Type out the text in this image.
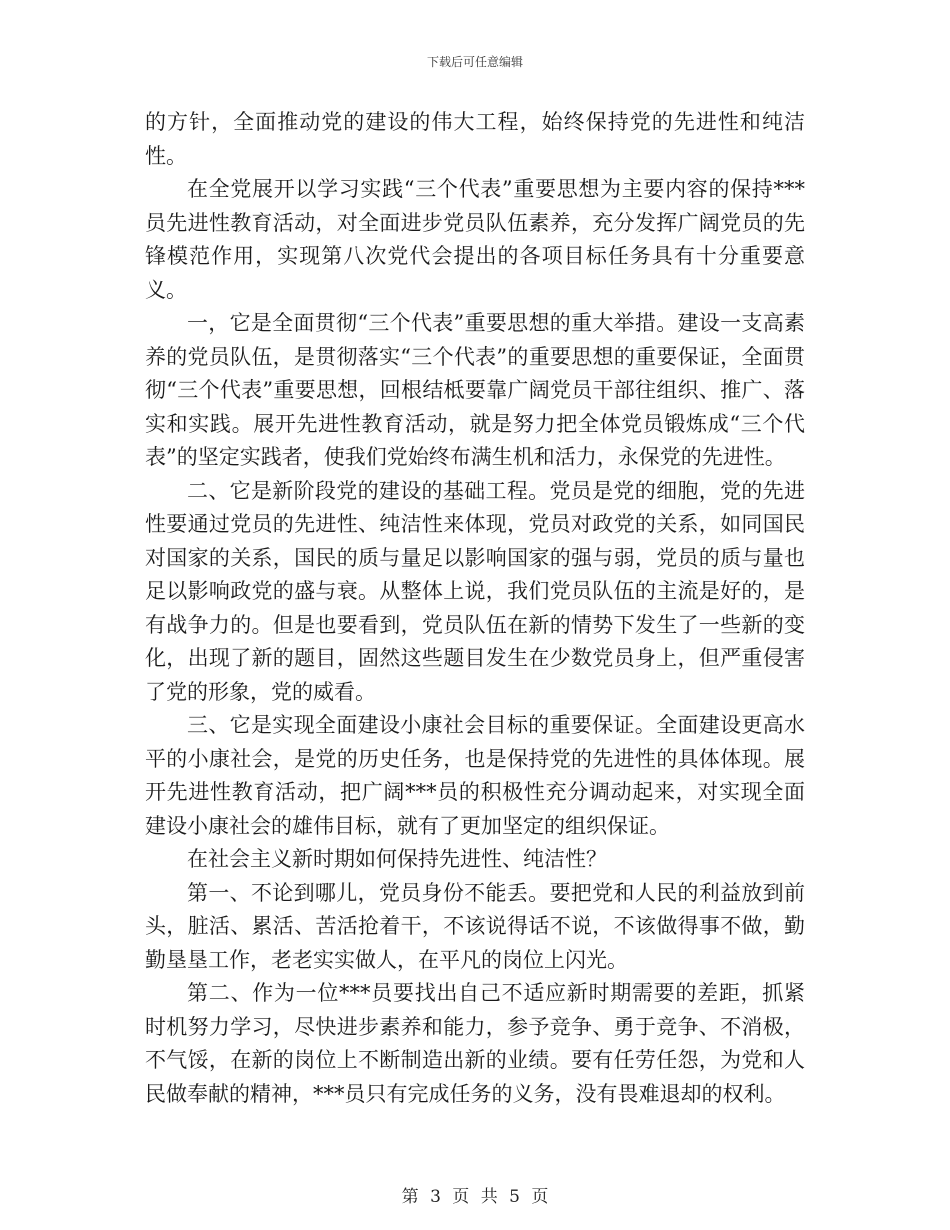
下载后可任意编辑

的方针，全面推动党的建设的伟大工程，始终保持党的先进性和纯洁性。

在全党展开以学习实践“三个代表”重要思想为主要内容的保持***员先进性教育活动，对全面进步党员队伍素养，充分发挥广阔党员的先锋模范作用，实现第八次党代会提出的各项目标任务具有十分重要意义。

一，它是全面贯彻“三个代表”重要思想的重大举措。建设一支高素养的党员队伍，是贯彻落实“三个代表”的重要思想的重要保证，全面贯彻“三个代表”重要思想，回根结柢要靠广阔党员干部往组织、推广、落实和实践。展开先进性教育活动，就是努力把全体党员锻炼成“三个代表”的坚定实践者，使我们党始终布满生机和活力，永保党的先进性。

二、它是新阶段党的建设的基础工程。党员是党的细胞，党的先进性要通过党员的先进性、纯洁性来体现，党员对政党的关系，如同国民对国家的关系，国民的质与量足以影响国家的强与弱，党员的质与量也足以影响政党的盛与衰。从整体上说，我们党员队伍的主流是好的，是有战争力的。但是也要看到，党员队伍在新的情势下发生了一些新的变化，出现了新的题目，固然这些题目发生在少数党员身上，但严重侵害了党的形象，党的威看。

三、它是实现全面建设小康社会目标的重要保证。全面建设更高水平的小康社会，是党的历史任务，也是保持党的先进性的具体体现。展开先进性教育活动，把广阔***员的积极性充分调动起来，对实现全面建设小康社会的雄伟目标，就有了更加坚定的组织保证。

在社会主义新时期如何保持先进性、纯洁性？

第一、不论到哪儿，党员身份不能丢。要把党和人民的利益放到前头，脏活、累活、苦活抢着干，不该说得话不说，不该做得事不做，勤勤垦垦工作，老老实实做人，在平凡的岗位上闪光。

第二、作为一位***员要找出自己不适应新时期需要的差距，抓紧时机努力学习，尽快进步素养和能力，参予竞争、勇于竞争、不消极，不气馁，在新的岗位上不断制造出新的业绩。要有任劳任怨，为党和人民做奉献的精神，***员只有完成任务的义务，没有畏难退却的权利。

第 3 页 共 5 页
